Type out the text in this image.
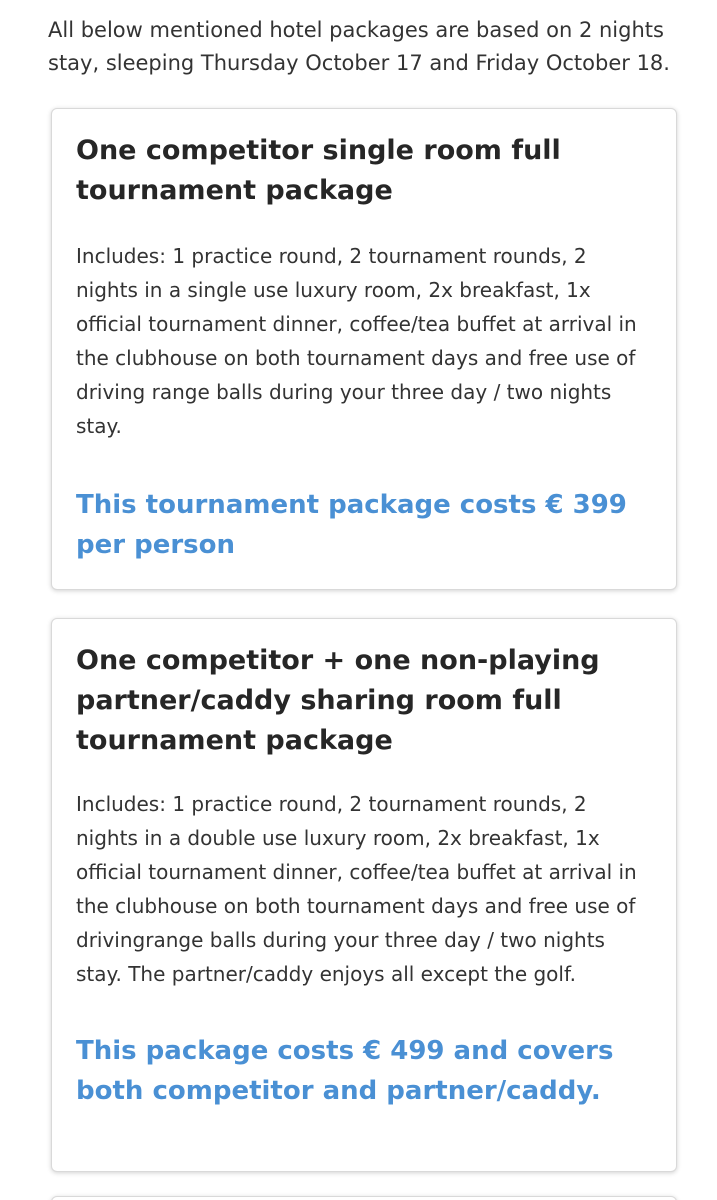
All below mentioned hotel packages are based on 2 nights stay, sleeping Thursday October 17 and Friday October 18.

One competitor single room full tournament package

Includes: 1 practice round, 2 tournament rounds, 2 nights in a single use luxury room, 2x breakfast, 1x official tournament dinner, coffee/tea buffet at arrival in the clubhouse on both tournament days and free use of driving range balls during your three day / two nights stay.

This tournament package costs € 399 per person

One competitor + one non-playing partner/caddy sharing room full tournament package

Includes: 1 practice round, 2 tournament rounds, 2 nights in a double use luxury room, 2x breakfast, 1x official tournament dinner, coffee/tea buffet at arrival in the clubhouse on both tournament days and free use of drivingrange balls during your three day / two nights stay. The partner/caddy enjoys all except the golf.

This package costs € 499 and covers both competitor and partner/caddy.
